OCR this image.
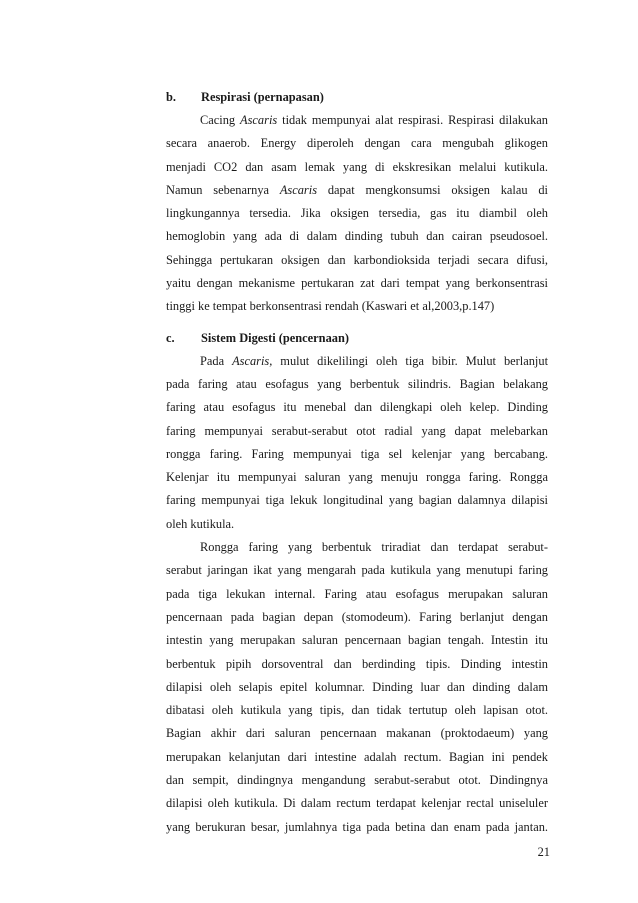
b. Respirasi (pernapasan)
Cacing Ascaris tidak mempunyai alat respirasi. Respirasi dilakukan
secara anaerob. Energy diperoleh dengan cara mengubah glikogen
menjadi CO2 dan asam lemak yang di ekskresikan melalui kutikula.
Namun sebenarnya Ascaris dapat mengkonsumsi oksigen kalau di
lingkungannya tersedia. Jika oksigen tersedia, gas itu diambil oleh
hemoglobin yang ada di dalam dinding tubuh dan cairan pseudosoel.
Sehingga pertukaran oksigen dan karbondioksida terjadi secara difusi,
yaitu dengan mekanisme pertukaran zat dari tempat yang berkonsentrasi
tinggi ke tempat berkonsentrasi rendah (Kaswari et al,2003,p.147)
c. Sistem Digesti (pencernaan)
Pada Ascaris, mulut dikelilingi oleh tiga bibir. Mulut berlanjut
pada faring atau esofagus yang berbentuk silindris. Bagian belakang
faring atau esofagus itu menebal dan dilengkapi oleh kelep. Dinding
faring mempunyai serabut-serabut otot radial yang dapat melebarkan
rongga faring. Faring mempunyai tiga sel kelenjar yang bercabang.
Kelenjar itu mempunyai saluran yang menuju rongga faring. Rongga
faring mempunyai tiga lekuk longitudinal yang bagian dalamnya dilapisi
oleh kutikula.
Rongga faring yang berbentuk triradiat dan terdapat serabut-
serabut jaringan ikat yang mengarah pada kutikula yang menutupi faring
pada tiga lekukan internal. Faring atau esofagus merupakan saluran
pencernaan pada bagian depan (stomodeum). Faring berlanjut dengan
intestin yang merupakan saluran pencernaan bagian tengah. Intestin itu
berbentuk pipih dorsoventral dan berdinding tipis. Dinding intestin
dilapisi oleh selapis epitel kolumnar. Dinding luar dan dinding dalam
dibatasi oleh kutikula yang tipis, dan tidak tertutup oleh lapisan otot.
Bagian akhir dari saluran pencernaan makanan (proktodaeum) yang
merupakan kelanjutan dari intestine adalah rectum. Bagian ini pendek
dan sempit, dindingnya mengandung serabut-serabut otot. Dindingnya
dilapisi oleh kutikula. Di dalam rectum terdapat kelenjar rectal uniseluler
yang berukuran besar, jumlahnya tiga pada betina dan enam pada jantan.
21
